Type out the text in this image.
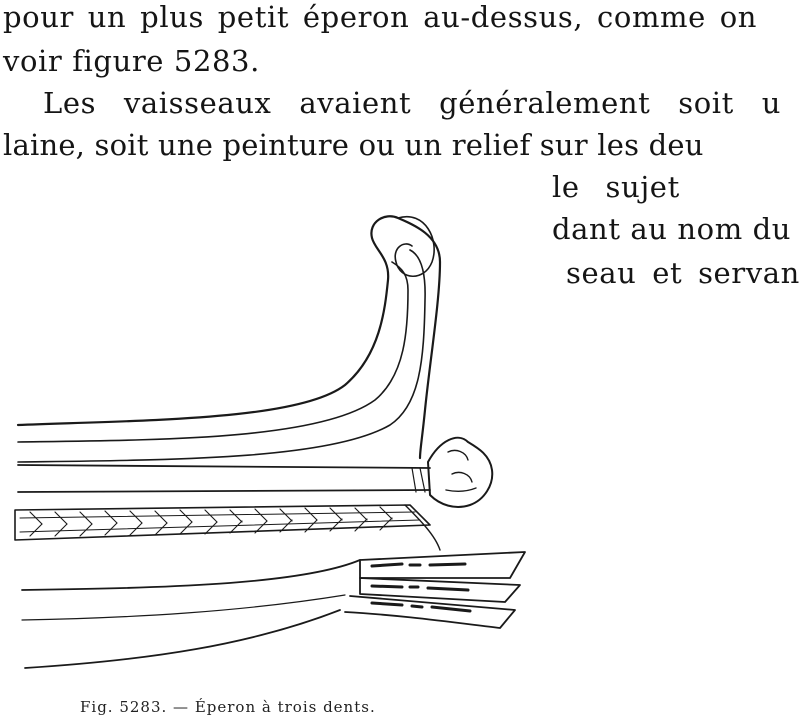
pour un plus petit éperon au-dessus, comme on
voir figure 5283.
Les vaisseaux avaient généralement soit u
laine, soit une peinture ou un relief sur les deu
le sujet
dant au nom du
seau et servan
Fig. 5283. — Éperon à trois dents.
